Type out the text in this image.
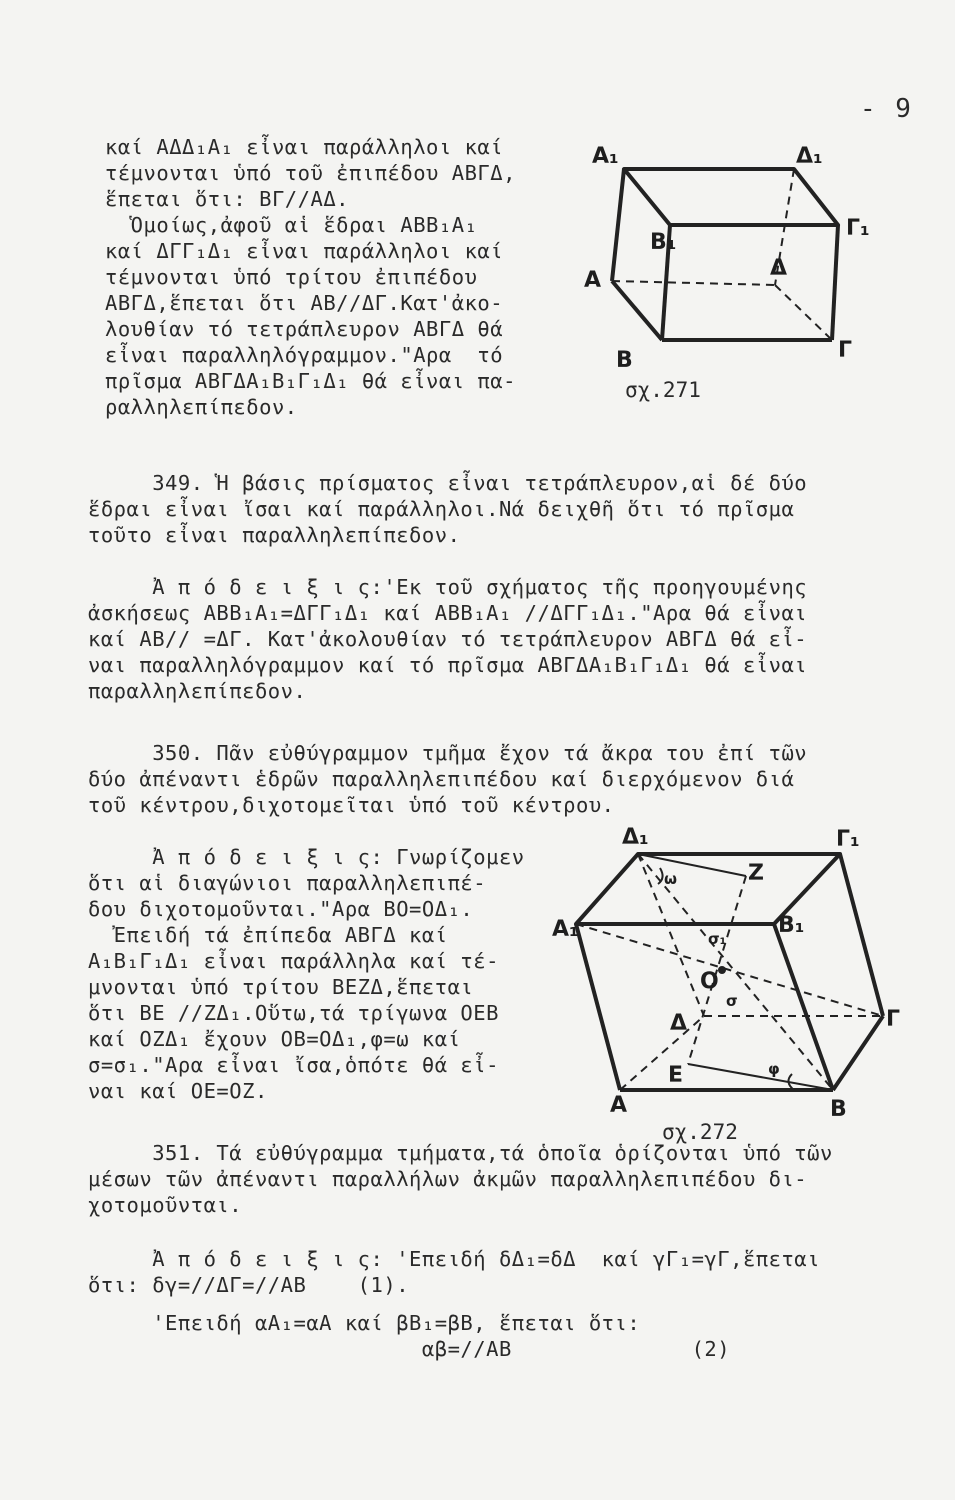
- 9
καί ΑΔΔ₁Α₁ εἶναι παράλληλοι καί
τέμνονται ὑπό τοῦ ἐπιπέδου ΑΒΓΔ,
ἕπεται ὅτι: ΒΓ//ΑΔ.
Ὁμοίως,ἀφοῦ αἱ ἕδραι ΑΒΒ₁Α₁
καί ΔΓΓ₁Δ₁ εἶναι παράλληλοι καί
τέμνονται ὑπό τρίτου ἐπιπέδου
ΑΒΓΔ,ἕπεται ὅτι ΑΒ//ΔΓ.Κατ'ἀκο-
λουθίαν τό τετράπλευρον ΑΒΓΔ θά
εἶναι παραλληλόγραμμον."Αρα  τό
πρῖσμα ΑΒΓΔΑ₁Β₁Γ₁Δ₁ θά εἶναι πα-
ραλληλεπίπεδον.
Α₁	Δ₁
Γ₁
Β₁
Α	Δ
Β	Γ
σχ.271
349. Ἡ βάσις πρίσματος εἶναι τετράπλευρον,αἱ δέ δύο
ἕδραι εἶναι ἴσαι καί παράλληλοι.Νά δειχθῆ ὅτι τό πρῖσμα
τοῦτο εἶναι παραλληλεπίπεδον.
Ἀ π ό δ ε ι ξ ι ς:'Εκ τοῦ σχήματος τῆς προηγουμένης
ἀσκήσεως ΑΒΒ₁Α₁=ΔΓΓ₁Δ₁ καί ΑΒΒ₁Α₁ //ΔΓΓ₁Δ₁."Αρα θά εἶναι
καί ΑΒ// =ΔΓ. Κατ'ἀκολουθίαν τό τετράπλευρον ΑΒΓΔ θά εἶ-
ναι παραλληλόγραμμον καί τό πρῖσμα ΑΒΓΔΑ₁Β₁Γ₁Δ₁ θά εἶναι
παραλληλεπίπεδον.
350. Πᾶν εὐθύγραμμον τμῆμα ἔχον τά ἄκρα του ἐπί τῶν
δύο ἀπέναντι ἑδρῶν παραλληλεπιπέδου καί διερχόμενον διά
τοῦ κέντρου,διχοτομεῖται ὑπό τοῦ κέντρου.
Ἀ π ό δ ε ι ξ ι ς: Γνωρίζομεν
ὅτι αἱ διαγώνιοι παραλληλεπιπέ-
δου διχοτομοῦνται."Αρα ΒΟ=ΟΔ₁.
Ἐπειδή τά ἐπίπεδα ΑΒΓΔ καί
Α₁Β₁Γ₁Δ₁ εἶναι παράλληλα καί τέ-
μνονται ὑπό τρίτου ΒΕΖΔ,ἕπεται
ὅτι ΒΕ //ΖΔ₁.Οὕτω,τά τρίγωνα ΟΕΒ
καί ΟΖΔ₁ ἔχουν ΟΒ=ΟΔ₁,φ=ω καί
σ=σ₁."Αρα εἶναι ἴσα,ὁπότε θά εἶ-
ναι καί ΟΕ=ΟΖ.
Δ₁	Γ₁
Α₁	Β₁
Ζ
Ο
Δ	Γ
Ε
Α	Β
ω
σ₁
σ
φ
σχ.272
351. Τά εὐθύγραμμα τμήματα,τά ὁποῖα ὁρίζονται ὑπό τῶν
μέσων τῶν ἀπέναντι παραλλήλων ἀκμῶν παραλληλεπιπέδου δι-
χοτομοῦνται.
Ἀ π ό δ ε ι ξ ι ς: 'Επειδή δΔ₁=δΔ  καί γΓ₁=γΓ,ἕπεται
ὅτι: δγ=//ΔΓ=//ΑΒ    (1).
'Επειδή αΑ₁=αΑ καί βΒ₁=βΒ, ἕπεται ὅτι:
αβ=//ΑΒ              (2)
